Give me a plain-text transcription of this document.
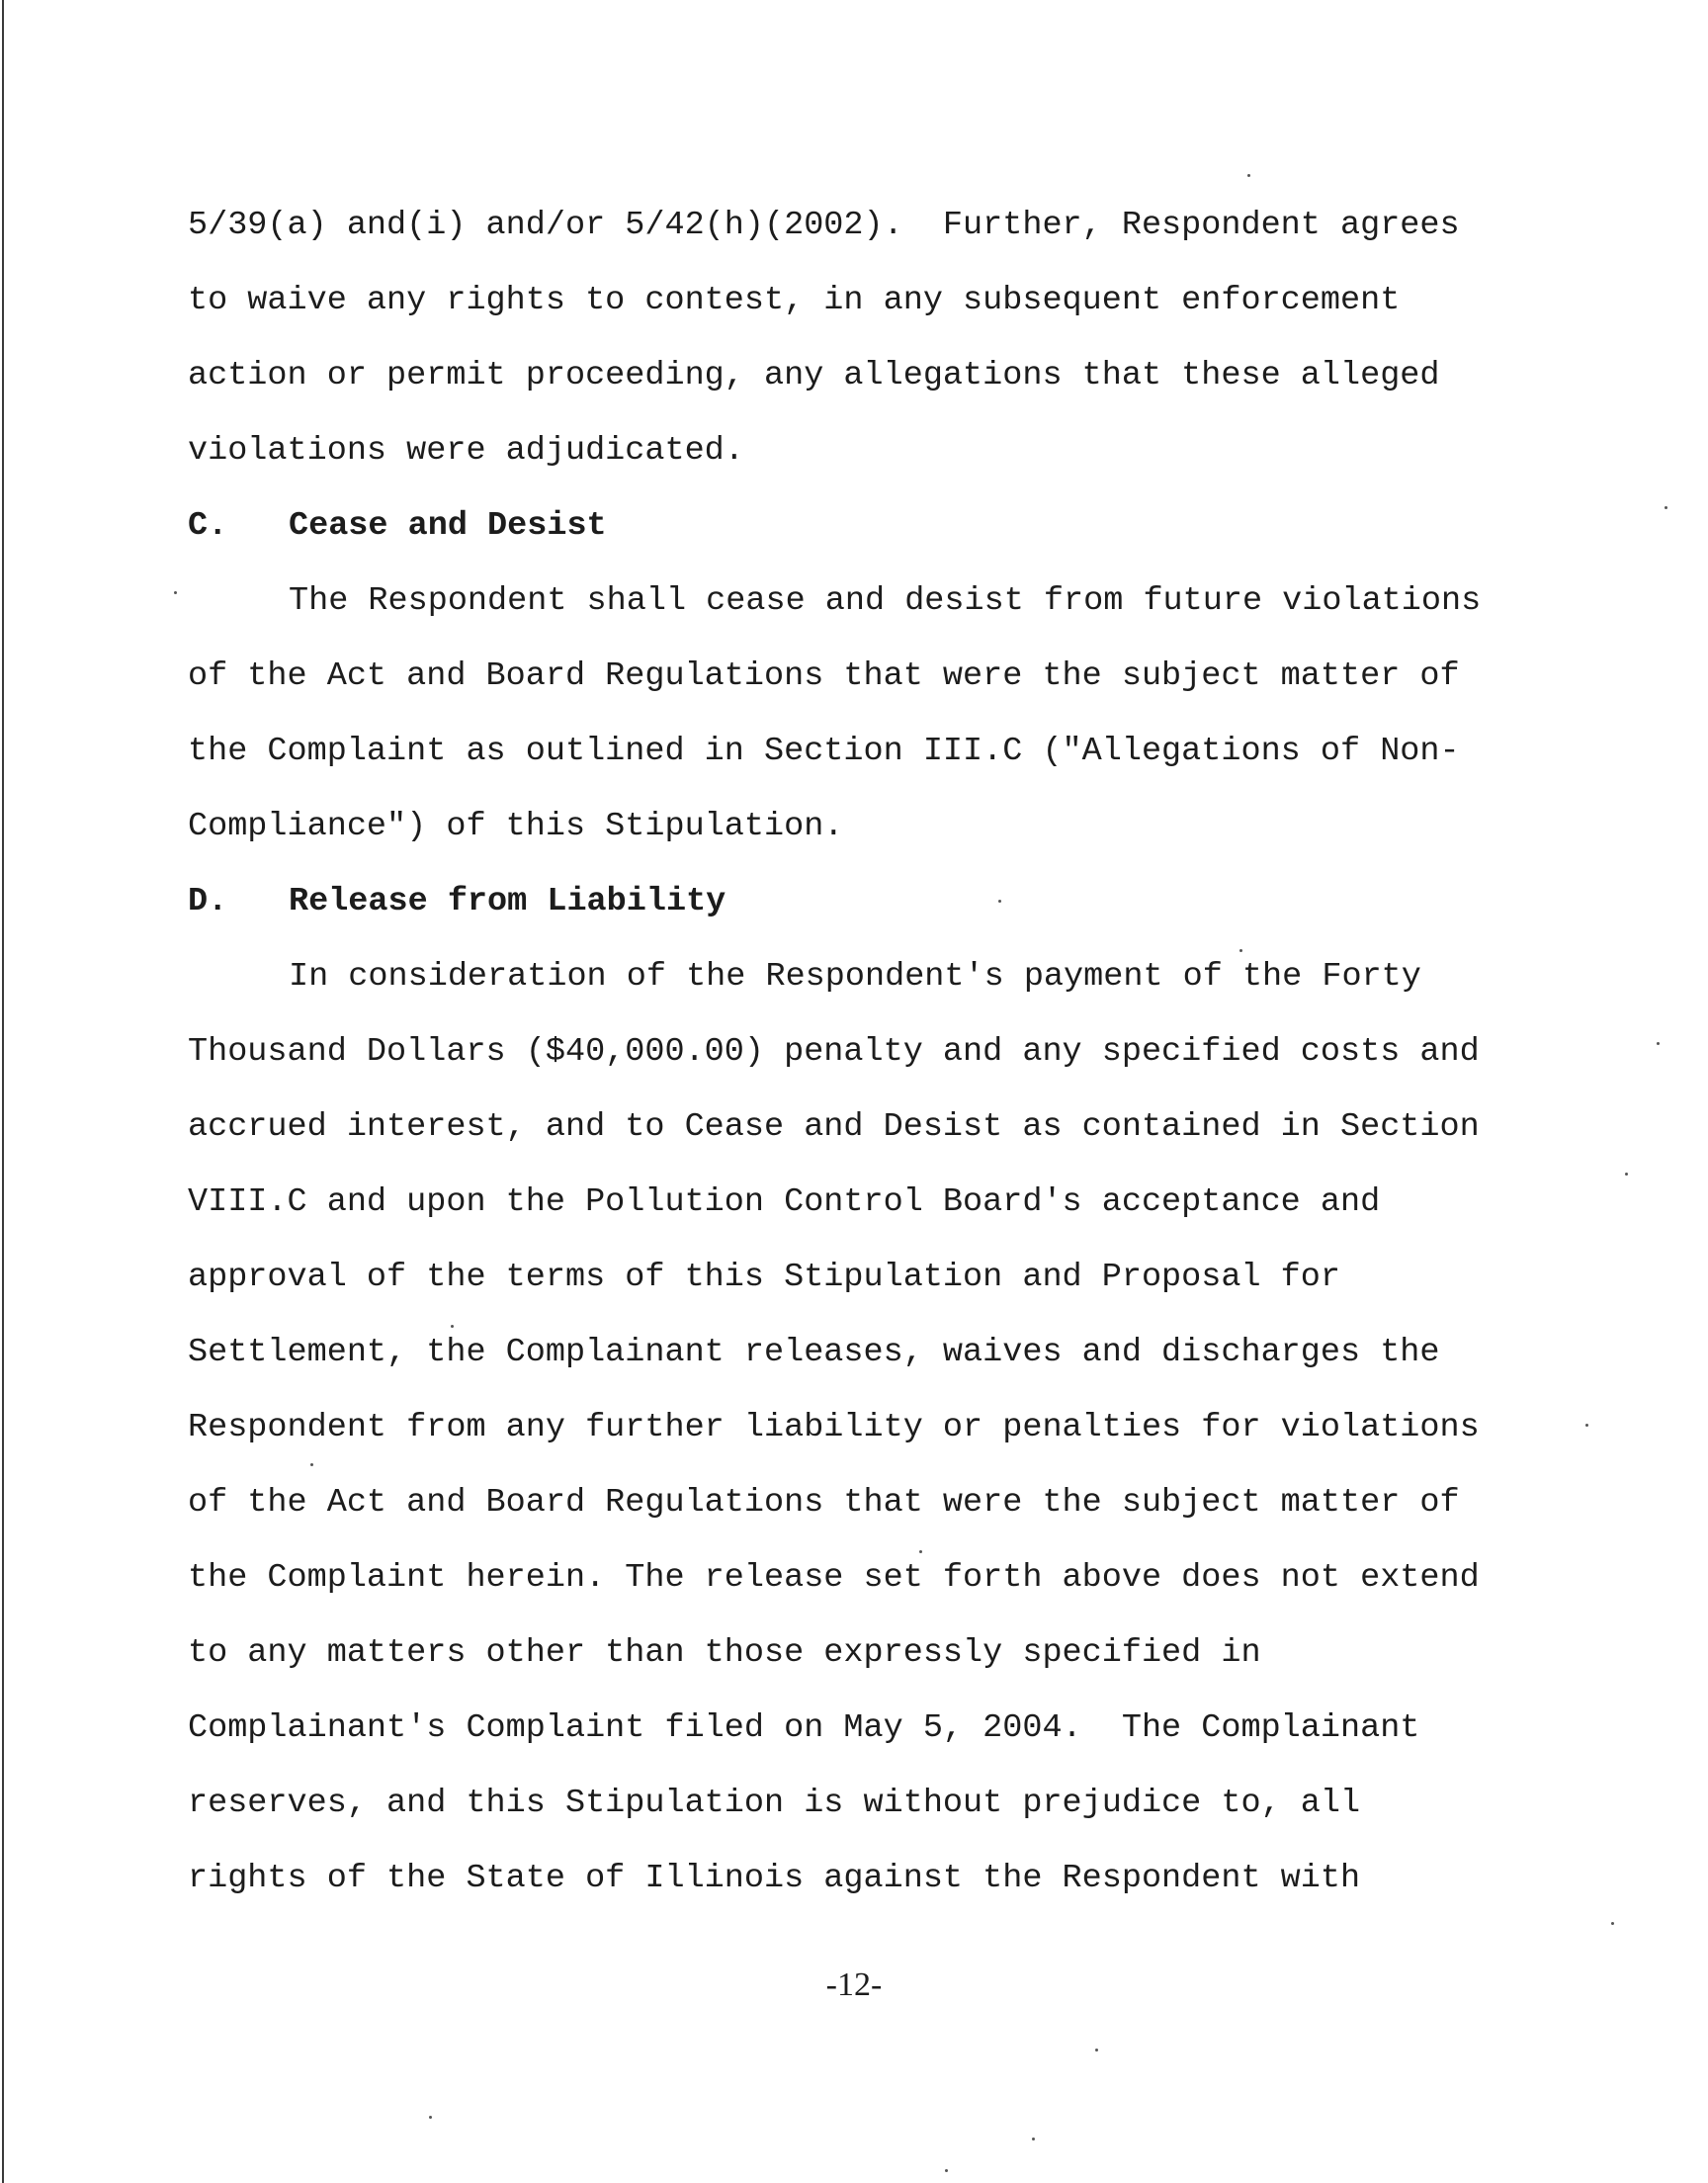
5/39(a) and(i) and/or 5/42(h)(2002).  Further, Respondent agrees
to waive any rights to contest, in any subsequent enforcement
action or permit proceeding, any allegations that these alleged
violations were adjudicated.
C. Cease and Desist
The Respondent shall cease and desist from future violations
of the Act and Board Regulations that were the subject matter of
the Complaint as outlined in Section III.C ("Allegations of Non-
Compliance") of this Stipulation.
D. Release from Liability
In consideration of the Respondent's payment of the Forty
Thousand Dollars ($40,000.00) penalty and any specified costs and
accrued interest, and to Cease and Desist as contained in Section
VIII.C and upon the Pollution Control Board's acceptance and
approval of the terms of this Stipulation and Proposal for
Settlement, the Complainant releases, waives and discharges the
Respondent from any further liability or penalties for violations
of the Act and Board Regulations that were the subject matter of
the Complaint herein. The release set forth above does not extend
to any matters other than those expressly specified in
Complainant's Complaint filed on May 5, 2004.  The Complainant
reserves, and this Stipulation is without prejudice to, all
rights of the State of Illinois against the Respondent with
-12-
